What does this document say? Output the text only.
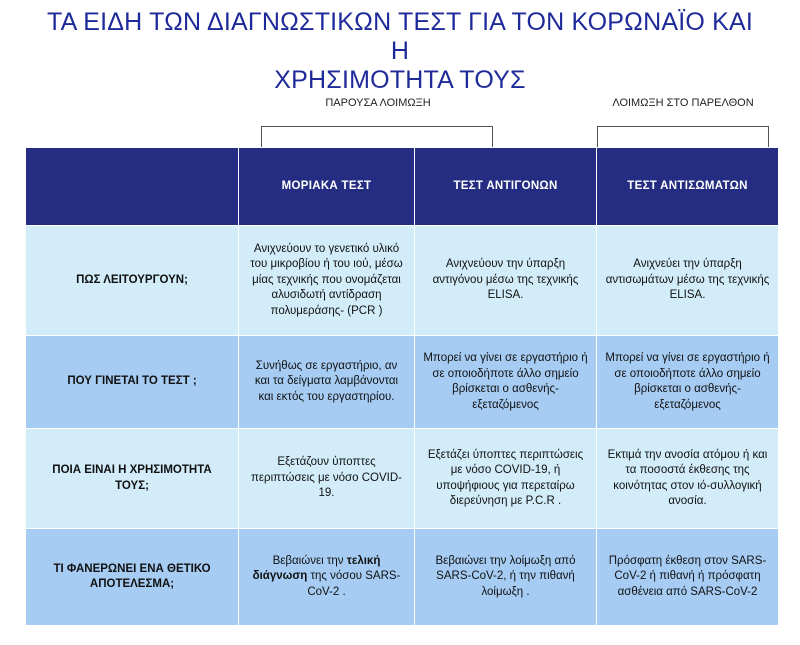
ΤΑ ΕΙΔΗ ΤΩΝ ΔΙΑΓΝΩΣΤΙΚΩΝ ΤΕΣΤ ΓΙΑ ΤΟΝ ΚΟΡΩΝΑΪΟ ΚΑΙ Η
ΧΡΗΣΙΜΟΤΗΤΑ ΤΟΥΣ
ΠΑΡΟΥΣΑ ΛΟΙΜΩΞΗ	ΛΟΙΜΩΞΗ ΣΤΟ ΠΑΡΕΛΘΟΝ
	ΜΟΡΙΑΚΑ ΤΕΣΤ	ΤΕΣΤ ΑΝΤΙΓΟΝΩΝ	ΤΕΣΤ ΑΝΤΙΣΩΜΑΤΩΝ
ΠΩΣ ΛΕΙΤΟΥΡΓΟΥΝ;	Ανιχνεύουν το γενετικό υλικό του μικροβίου ή του ιού, μέσω μίας τεχνικής που ονομάζεται αλυσιδωτή αντίδραση πολυμεράσης- (PCR )	Ανιχνεύουν την ύπαρξη αντιγόνου μέσω της τεχνικής ELISA.	Ανιχνεύει την ύπαρξη αντισωμάτων μέσω της τεχνικής ELISA.
ΠΟΥ ΓΙΝΕΤΑΙ ΤΟ ΤΕΣΤ ;	Συνήθως σε εργαστήριο, αν και τα δείγματα λαμβάνονται και εκτός του εργαστηρίου.	Μπορεί να γίνει σε εργαστήριο ή σε οποιοδήποτε άλλο σημείο βρίσκεται ο ασθενής-εξεταζόμενος	Μπορεί να γίνει σε εργαστήριο ή σε οποιοδήποτε άλλο σημείο βρίσκεται ο ασθενής-εξεταζόμενος
ΠΟΙΑ ΕΙΝΑΙ Η ΧΡΗΣΙΜΟΤΗΤΑ ΤΟΥΣ;	Εξετάζουν ύποπτες περιπτώσεις με νόσο COVID-19.	Εξετάζει ύποπτες περιπτώσεις με νόσο COVID-19, ή υποψήφιους για περεταίρω διερεύνηση με P.C.R .	Εκτιμά την ανοσία ατόμου ή και τα ποσοστά έκθεσης της κοινότητας στον ιό-συλλογική ανοσία.
ΤΙ ΦΑΝΕΡΩΝΕΙ ΕΝΑ ΘΕΤΙΚΟ ΑΠΟΤΕΛΕΣΜΑ;	Βεβαιώνει την τελική διάγνωση της νόσου SARS-CoV-2 .	Βεβαιώνει την λοίμωξη από SARS-CoV-2, ή την πιθανή λοίμωξη .	Πρόσφατη έκθεση στον SARS-CoV-2 ή πιθανή ή πρόσφατη ασθένεια από SARS-CoV-2
